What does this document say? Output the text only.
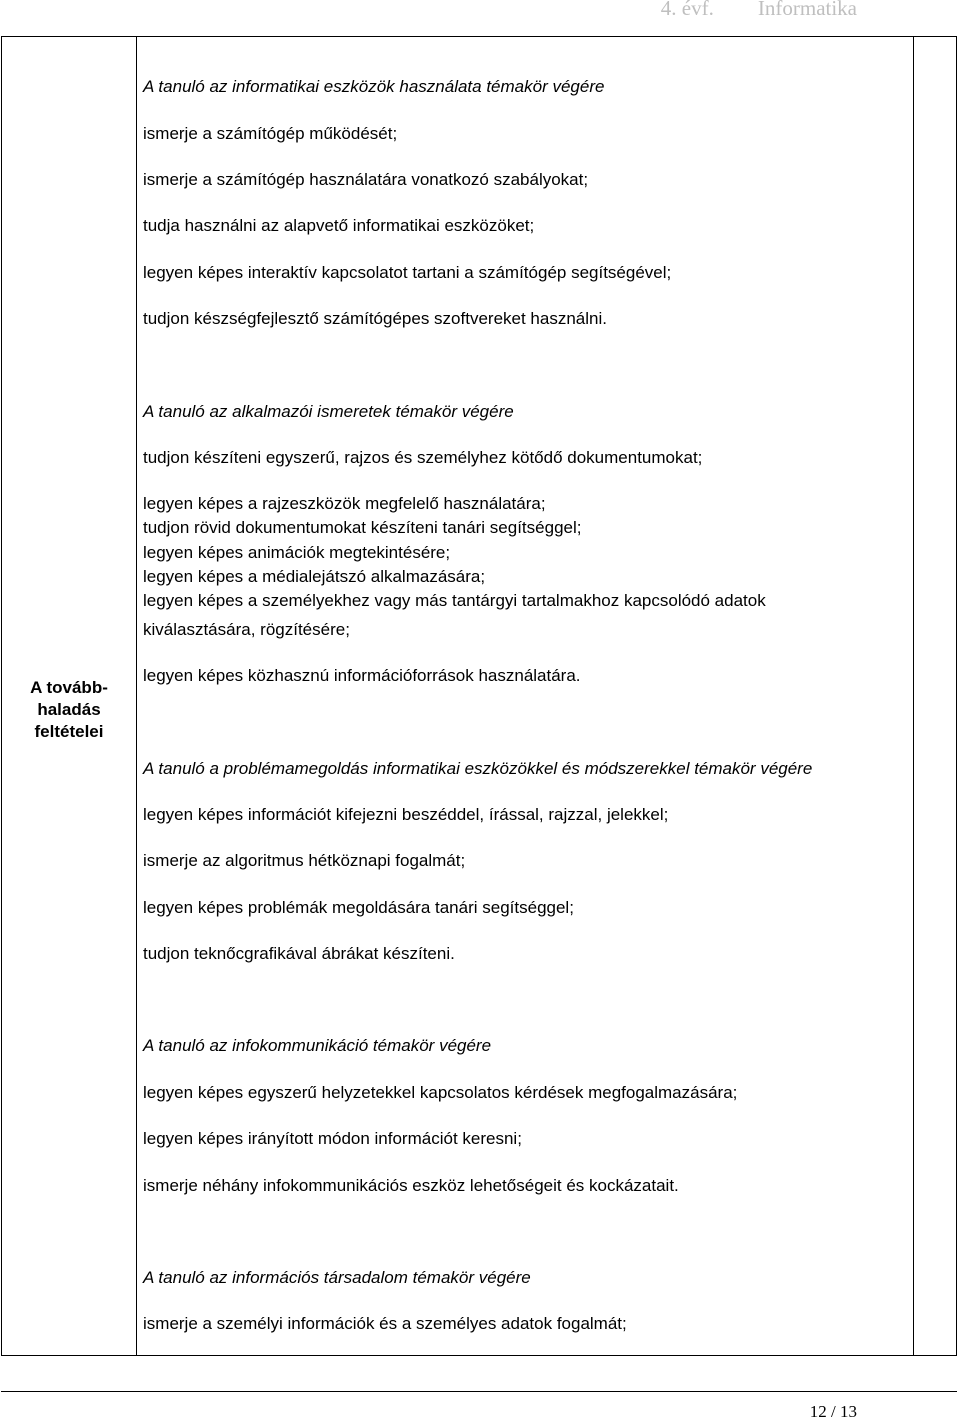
4. évf. Informatika
A tovább-
haladás
feltételei
A tanuló az informatikai eszközök használata témakör végére
ismerje a számítógép működését;
ismerje a számítógép használatára vonatkozó szabályokat;
tudja használni az alapvető informatikai eszközöket;
legyen képes interaktív kapcsolatot tartani a számítógép segítségével;
tudjon készségfejlesztő számítógépes szoftvereket használni.
A tanuló az alkalmazói ismeretek témakör végére
tudjon készíteni egyszerű, rajzos és személyhez kötődő dokumentumokat;
legyen képes a rajzeszközök megfelelő használatára;
tudjon rövid dokumentumokat készíteni tanári segítséggel;
legyen képes animációk megtekintésére;
legyen képes a médialejátszó alkalmazására;
legyen képes a személyekhez vagy más tantárgyi tartalmakhoz kapcsolódó adatok
kiválasztására, rögzítésére;
legyen képes közhasznú információforrások használatára.
A tanuló a problémamegoldás informatikai eszközökkel és módszerekkel témakör végére
legyen képes információt kifejezni beszéddel, írással, rajzzal, jelekkel;
ismerje az algoritmus hétköznapi fogalmát;
legyen képes problémák megoldására tanári segítséggel;
tudjon teknőcgrafikával ábrákat készíteni.
A tanuló az infokommunikáció témakör végére
legyen képes egyszerű helyzetekkel kapcsolatos kérdések megfogalmazására;
legyen képes irányított módon információt keresni;
ismerje néhány infokommunikációs eszköz lehetőségeit és kockázatait.
A tanuló az információs társadalom témakör végére
ismerje a személyi információk és a személyes adatok fogalmát;
12 / 13
